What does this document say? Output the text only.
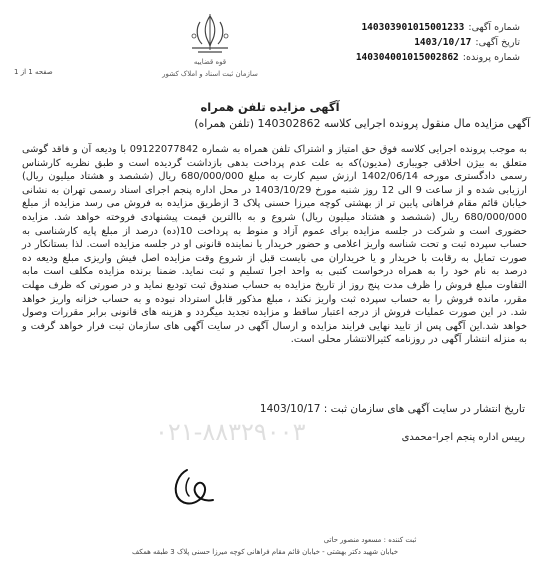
شماره آگهی:
140303901015001233
تاریخ آگهی:
1403/10/17
شماره پرونده:
140304001015002862
قوه قضاییه
سازمان ثبت اسناد و املاک کشور
صفحه 1 از 1
آگهی مزایده تلفن همراه
آگهی مزایده مال منقول پرونده اجرایی کلاسه 140302862 (تلفن همراه)
به موجب پرونده اجرایی کلاسه فوق حق امتیاز و اشتراک تلفن همراه به شماره 09122077842 با ودیعه آن و فاقد گوشی متعلق به بیژن اخلاقی جویباری (مدیون)که به علت عدم پرداخت بدهی بازداشت گردیده است و طبق نظریه کارشناس رسمی دادگستری مورخه 1402/06/14 ارزش سیم کارت به مبلغ 680/000/000 ریال (ششصد و هشتاد میلیون ریال) ارزیابی شده و از ساعت 9 الی 12 روز شنبه مورخ 1403/10/29 در محل اداره پنجم اجرای اسناد رسمی تهران به نشانی خیابان قائم مقام فراهانی پایین تر از بهشتی کوچه میرزا حسنی پلاک 3 ازطریق مزایده به فروش می رسد مزایده از مبلغ 680/000/000 ریال (ششصد و هشتاد میلیون ریال) شروع و به باالترین قیمت پیشنهادی فروخته خواهد شد. مزایده حضوری است و شرکت در جلسه مزایده برای عموم آزاد و منوط به پرداخت 10(ده) درصد از مبلغ پایه کارشناسی به حساب سپرده ثبت و تحت شناسه واریز اعلامی و حضور خریدار یا نماینده قانونی او در جلسه مزایده است. لذا بستانکار در صورت تمایل به رقابت با خریدار و یا خریداران می بایست قبل از شروع وقت مزایده اصل فیش واریزی مبلغ ودیعه ده درصد به نام خود را به همراه درخواست کتبی به واحد اجرا تسلیم و ثبت نماید. ضمنا برنده مزایده مکلف است مابه التفاوت مبلغ فروش را ظرف مدت پنج روز از تاریخ مزایده به حساب صندوق ثبت تودیع نماید و در صورتی که ظرف مهلت مقرر، مانده فروش را به حساب سپرده ثبت واریز نکند ، مبلغ مذکور قابل استرداد نبوده و به حساب خزانه واریز خواهد شد. در این صورت عملیات فروش از درجه اعتبار ساقط و مزایده تجدید میگردد و هزینه های قانونی برابر مقررات وصول خواهد شد.این آگهی پس از تایید نهایی فرایند مزایده و ارسال آگهی در سایت آگهی های سازمان ثبت فرار خواهد گرفت و به منزله انتشار آگهی در روزنامه کثیرالانتشار محلی است.
تاریخ انتشار در سایت آگهی های سازمان ثبت : 1403/10/17
۰۲۱-۸۸۳۲۹۰۰۳	رییس اداره پنجم اجرا-محمدی
ثبت کننده : مسعود منصور حاتی
خیابان شهید دکتر بهشتی - خیابان قائم مقام فراهانی کوچه میرزا حسنی پلاک 3 طبقه همکف
